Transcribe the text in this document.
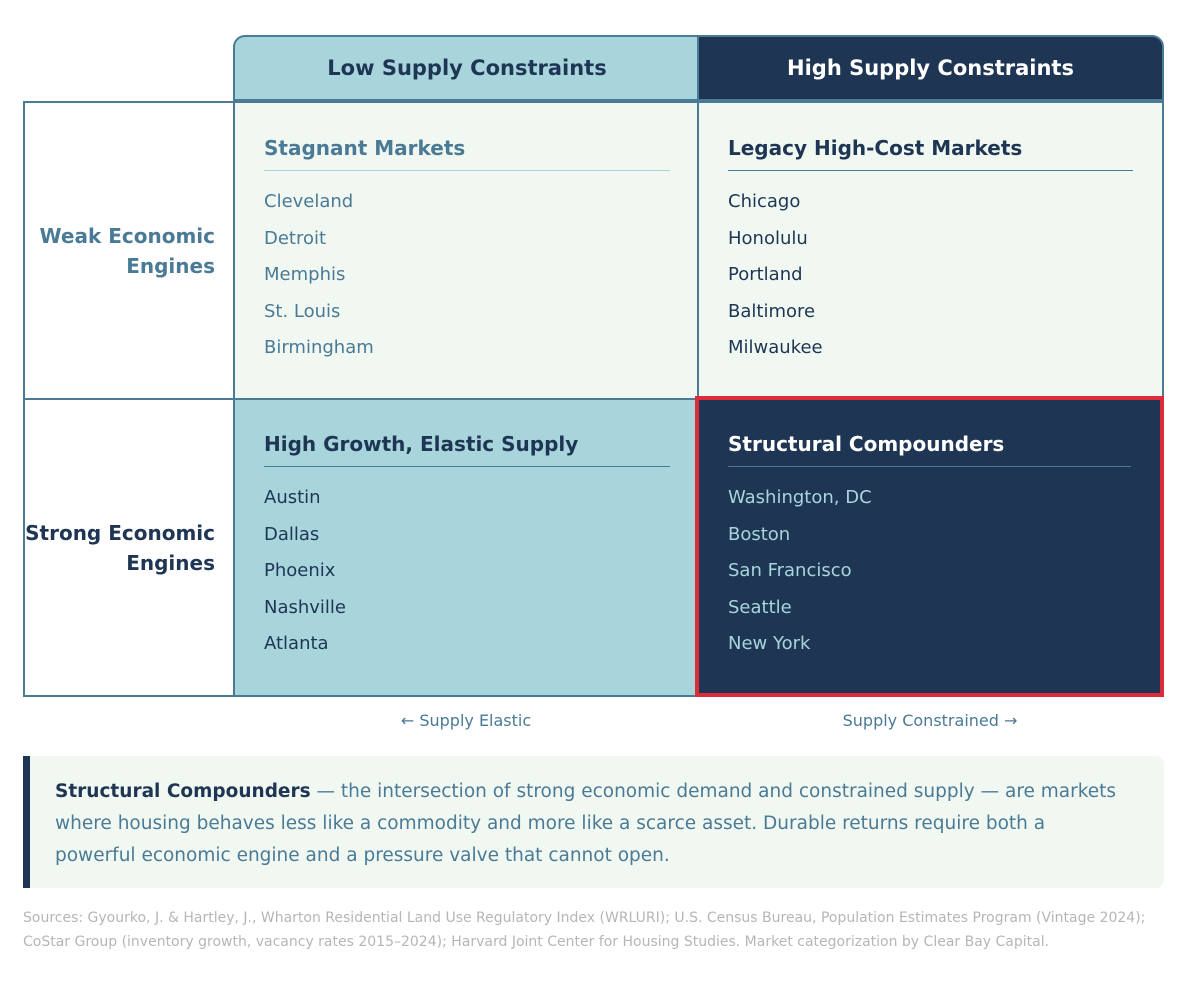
Low Supply Constraints	High Supply Constraints
Weak Economic
Engines
Strong Economic
Engines
Stagnant Markets
Cleveland
Detroit
Memphis
St. Louis
Birmingham
Legacy High-Cost Markets
Chicago
Honolulu
Portland
Baltimore
Milwaukee
High Growth, Elastic Supply
Austin
Dallas
Phoenix
Nashville
Atlanta
Structural Compounders
Washington, DC
Boston
San Francisco
Seattle
New York
← Supply Elastic	Supply Constrained →
Structural Compounders — the intersection of strong economic demand and constrained supply — are markets where housing behaves less like a commodity and more like a scarce asset. Durable returns require both a powerful economic engine and a pressure valve that cannot open.
Sources: Gyourko, J. & Hartley, J., Wharton Residential Land Use Regulatory Index (WRLURI); U.S. Census Bureau, Population Estimates Program (Vintage 2024); CoStar Group (inventory growth, vacancy rates 2015–2024); Harvard Joint Center for Housing Studies. Market categorization by Clear Bay Capital.
